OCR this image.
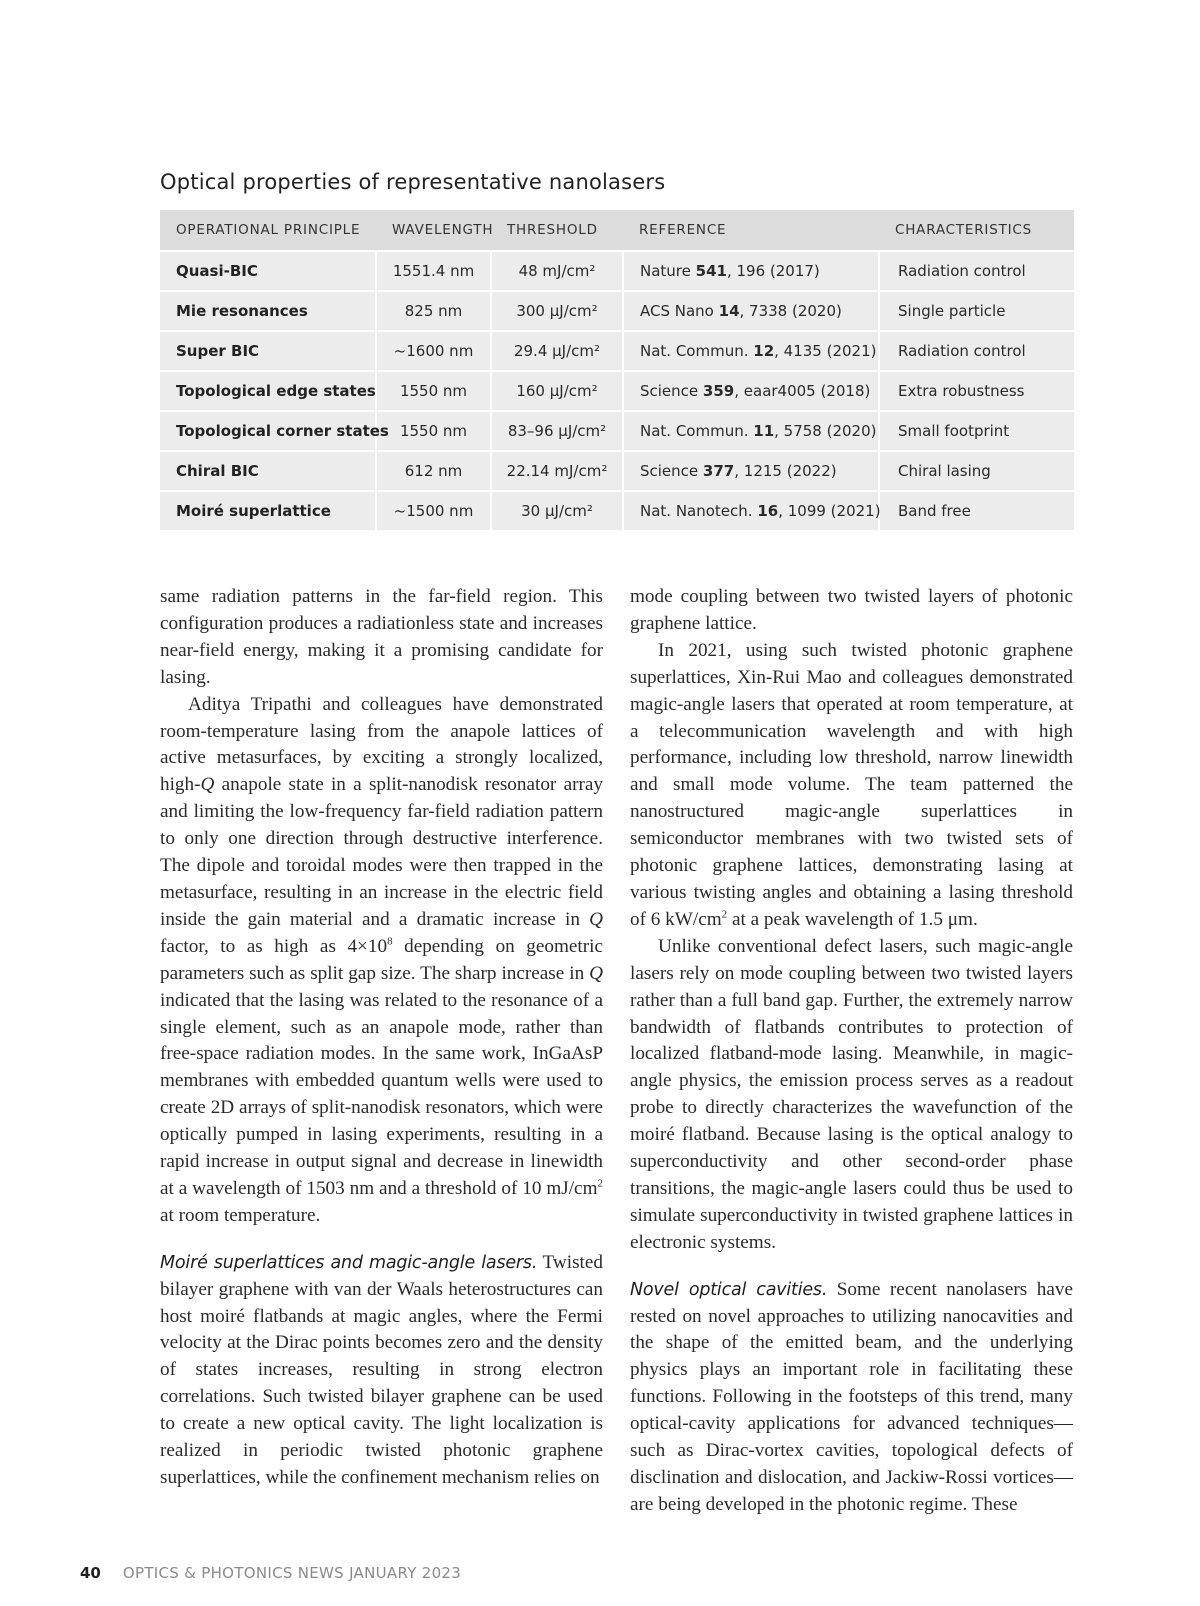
Optical properties of representative nanolasers
OPERATIONAL PRINCIPLE	WAVELENGTH	THRESHOLD	REFERENCE	CHARACTERISTICS
Quasi-BIC	1551.4 nm	48 mJ/cm²	Nature 541, 196 (2017)	Radiation control
Mie resonances	825 nm	300 μJ/cm²	ACS Nano 14, 7338 (2020)	Single particle
Super BIC	~1600 nm	29.4 μJ/cm²	Nat. Commun. 12, 4135 (2021)	Radiation control
Topological edge states	1550 nm	160 μJ/cm²	Science 359, eaar4005 (2018)	Extra robustness
Topological corner states	1550 nm	83–96 μJ/cm²	Nat. Commun. 11, 5758 (2020)	Small footprint
Chiral BIC	612 nm	22.14 mJ/cm²	Science 377, 1215 (2022)	Chiral lasing
Moiré superlattice	~1500 nm	30 μJ/cm²	Nat. Nanotech. 16, 1099 (2021)	Band free

same radiation patterns in the far-field region. This configuration produces a radiationless state and increases near-field energy, making it a promising candidate for lasing.

Aditya Tripathi and colleagues have demonstrated room-temperature lasing from the anapole lattices of active metasurfaces, by exciting a strongly localized, high-Q anapole state in a split-nanodisk resonator array and limiting the low-frequency far-field radiation pattern to only one direction through destructive interference. The dipole and toroidal modes were then trapped in the metasurface, resulting in an increase in the electric field inside the gain material and a dramatic increase in Q factor, to as high as $4\times 10^8$ depending on geometric parameters such as split gap size. The sharp increase in Q indicated that the lasing was related to the resonance of a single element, such as an anapole mode, rather than free-space radiation modes. In the same work, InGaAsP membranes with embedded quantum wells were used to create 2D arrays of split-nanodisk resonators, which were optically pumped in lasing experiments, resulting in a rapid increase in output signal and decrease in linewidth at a wavelength of 1503 nm and a threshold of 10 $mJ/cm^2$ at room temperature.

Moiré superlattices and magic-angle lasers. Twisted bilayer graphene with van der Waals heterostructures can host moiré flatbands at magic angles, where the Fermi velocity at the Dirac points becomes zero and the density of states increases, resulting in strong electron correlations. Such twisted bilayer graphene can be used to create a new optical cavity. The light localization is realized in periodic twisted photonic graphene superlattices, while the confinement mechanism relies on

mode coupling between two twisted layers of photonic graphene lattice.

In 2021, using such twisted photonic graphene superlattices, Xin-Rui Mao and colleagues demonstrated magic-angle lasers that operated at room temperature, at a telecommunication wavelength and with high performance, including low threshold, narrow linewidth and small mode volume. The team patterned the nanostructured magic-angle superlattices in semiconductor membranes with two twisted sets of photonic graphene lattices, demonstrating lasing at various twisting angles and obtaining a lasing threshold of 6 $kW/cm^2$ at a peak wavelength of 1.5 μm.

Unlike conventional defect lasers, such magic-angle lasers rely on mode coupling between two twisted layers rather than a full band gap. Further, the extremely narrow bandwidth of flatbands contributes to protection of localized flatband-mode lasing. Meanwhile, in magic-angle physics, the emission process serves as a readout probe to directly characterizes the wavefunction of the moiré flatband. Because lasing is the optical analogy to superconductivity and other second-order phase transitions, the magic-angle lasers could thus be used to simulate superconductivity in twisted graphene lattices in electronic systems.

Novel optical cavities. Some recent nanolasers have rested on novel approaches to utilizing nanocavities and the shape of the emitted beam, and the underlying physics plays an important role in facilitating these functions. Following in the footsteps of this trend, many optical-cavity applications for advanced techniques—such as Dirac-vortex cavities, topological defects of disclination and dislocation, and Jackiw-Rossi vortices—are being developed in the photonic regime. These

40 OPTICS & PHOTONICS NEWS JANUARY 2023
